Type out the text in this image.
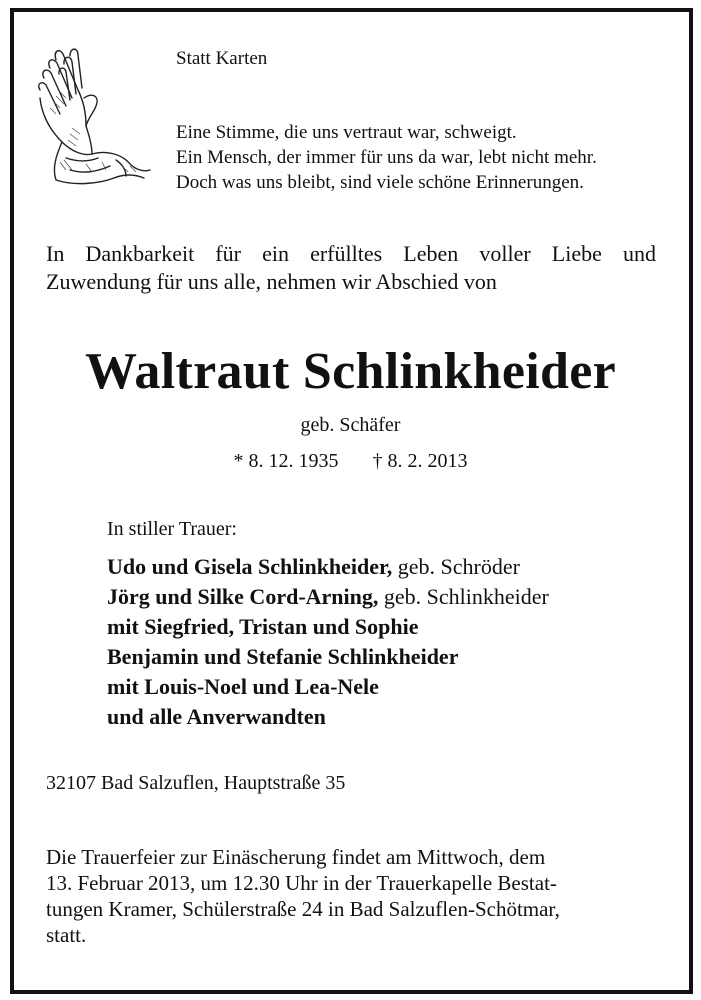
Statt Karten
Eine Stimme, die uns vertraut war, schweigt.
Ein Mensch, der immer für uns da war, lebt nicht mehr.
Doch was uns bleibt, sind viele schöne Erinnerungen.
In Dankbarkeit für ein erfülltes Leben voller Liebe und
Zuwendung für uns alle, nehmen wir Abschied von
Waltraut Schlinkheider
geb. Schäfer
* 8. 12. 1935 † 8. 2. 2013
In stiller Trauer:
Udo und Gisela Schlinkheider, geb. Schröder
Jörg und Silke Cord-Arning, geb. Schlinkheider
mit Siegfried, Tristan und Sophie
Benjamin und Stefanie Schlinkheider
mit Louis-Noel und Lea-Nele
und alle Anverwandten
32107 Bad Salzuflen, Hauptstraße 35
Die Trauerfeier zur Einäscherung findet am Mittwoch, dem
13. Februar 2013, um 12.30 Uhr in der Trauerkapelle Bestat-
tungen Kramer, Schülerstraße 24 in Bad Salzuflen-Schötmar,
statt.
